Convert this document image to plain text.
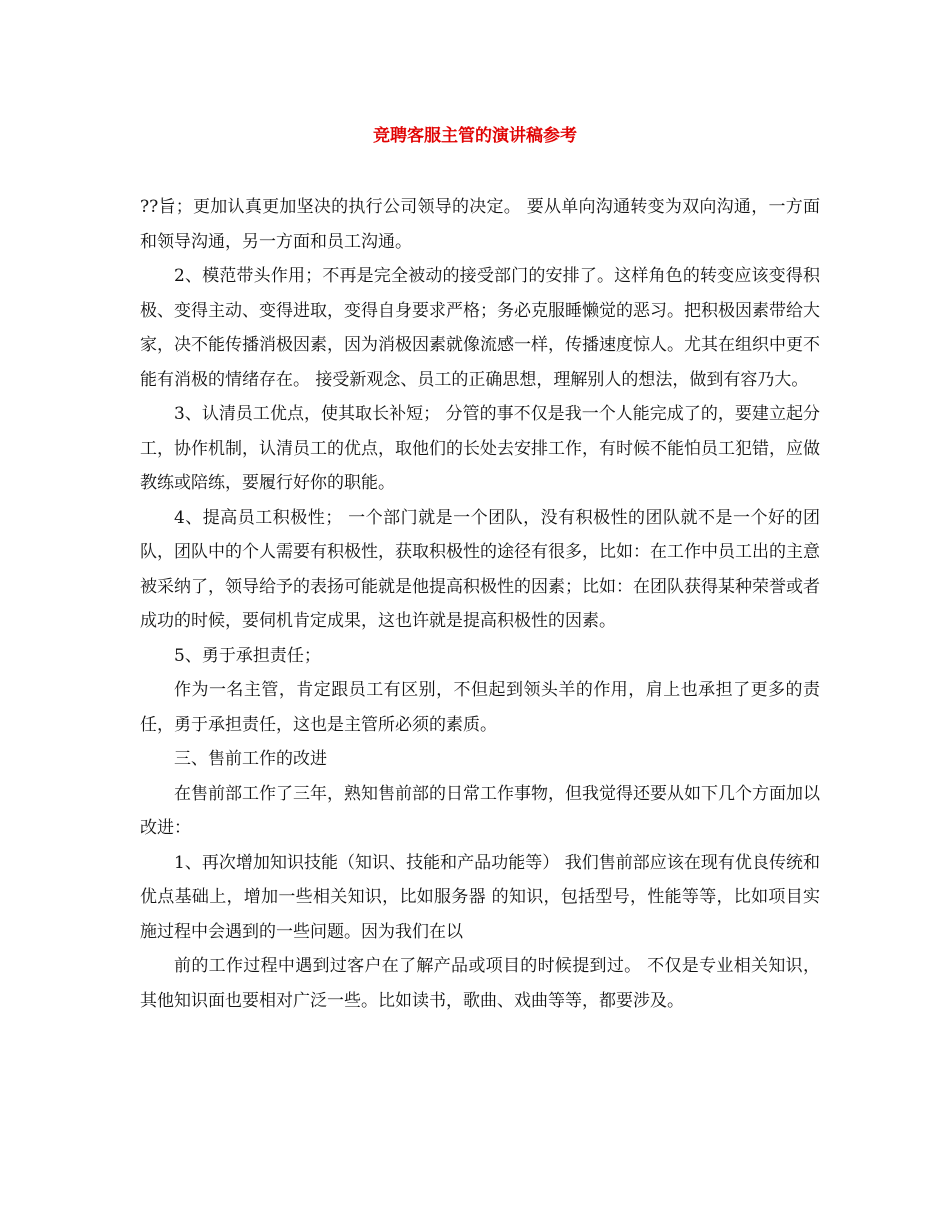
竞聘客服主管的演讲稿参考

??旨；更加认真更加坚决的执行公司领导的决定。 要从单向沟通转变为双向沟通，一方面和领导沟通，另一方面和员工沟通。

2、模范带头作用；不再是完全被动的接受部门的安排了。这样角色的转变应该变得积极、变得主动、变得进取，变得自身要求严格；务必克服睡懒觉的恶习。把积极因素带给大家，决不能传播消极因素，因为消极因素就像流感一样，传播速度惊人。尤其在组织中更不能有消极的情绪存在。 接受新观念、员工的正确思想，理解别人的想法，做到有容乃大。

3、认清员工优点，使其取长补短； 分管的事不仅是我一个人能完成了的，要建立起分工，协作机制，认清员工的优点，取他们的长处去安排工作，有时候不能怕员工犯错，应做教练或陪练，要履行好你的职能。

4、提高员工积极性； 一个部门就是一个团队，没有积极性的团队就不是一个好的团队，团队中的个人需要有积极性，获取积极性的途径有很多，比如：在工作中员工出的主意被采纳了，领导给予的表扬可能就是他提高积极性的因素；比如：在团队获得某种荣誉或者成功的时候，要伺机肯定成果，这也许就是提高积极性的因素。

5、勇于承担责任；

作为一名主管，肯定跟员工有区别，不但起到领头羊的作用，肩上也承担了更多的责任，勇于承担责任，这也是主管所必须的素质。

三、售前工作的改进

在售前部工作了三年，熟知售前部的日常工作事物，但我觉得还要从如下几个方面加以改进：

1、再次增加知识技能（知识、技能和产品功能等） 我们售前部应该在现有优良传统和优点基础上，增加一些相关知识，比如服务器 的知识，包括型号，性能等等，比如项目实施过程中会遇到的一些问题。因为我们在以

前的工作过程中遇到过客户在了解产品或项目的时候提到过。 不仅是专业相关知识，其他知识面也要相对广泛一些。比如读书，歌曲、戏曲等等，都要涉及。
